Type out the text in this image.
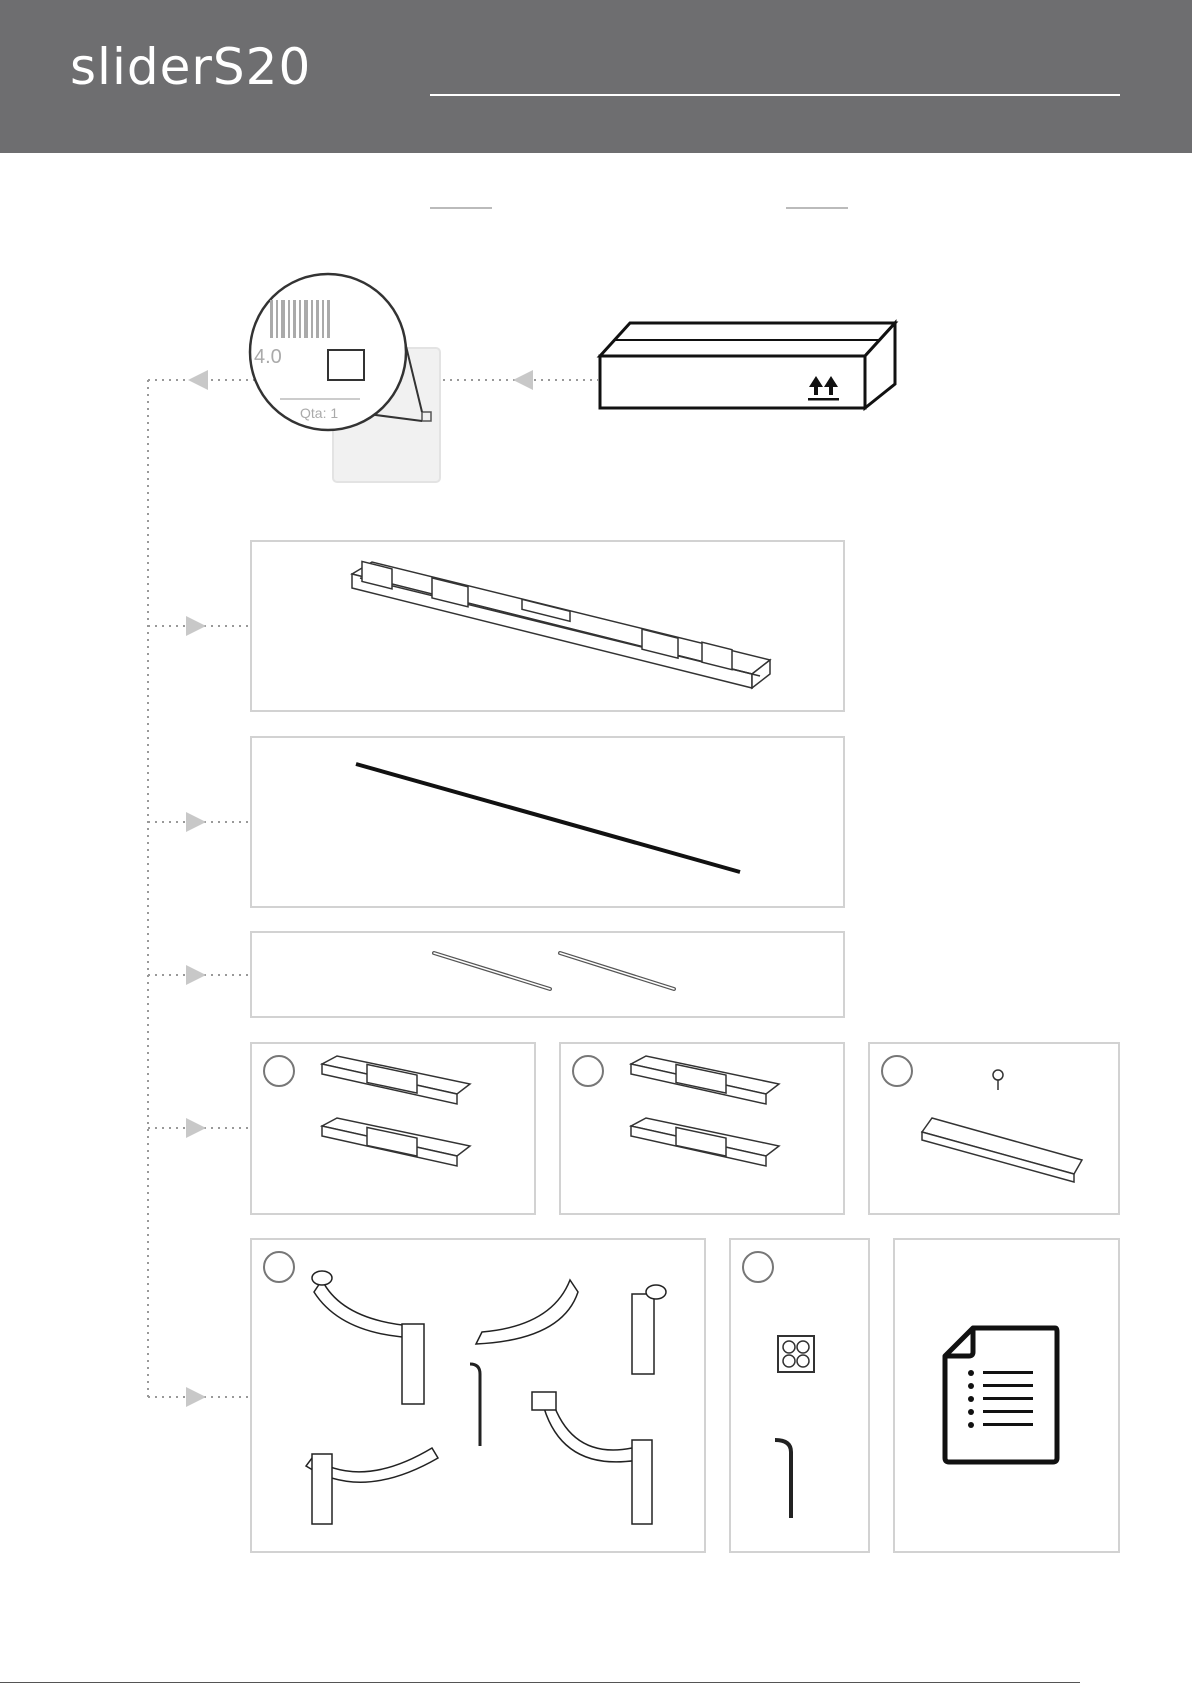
sliderS20
4.0
Qta: 1
